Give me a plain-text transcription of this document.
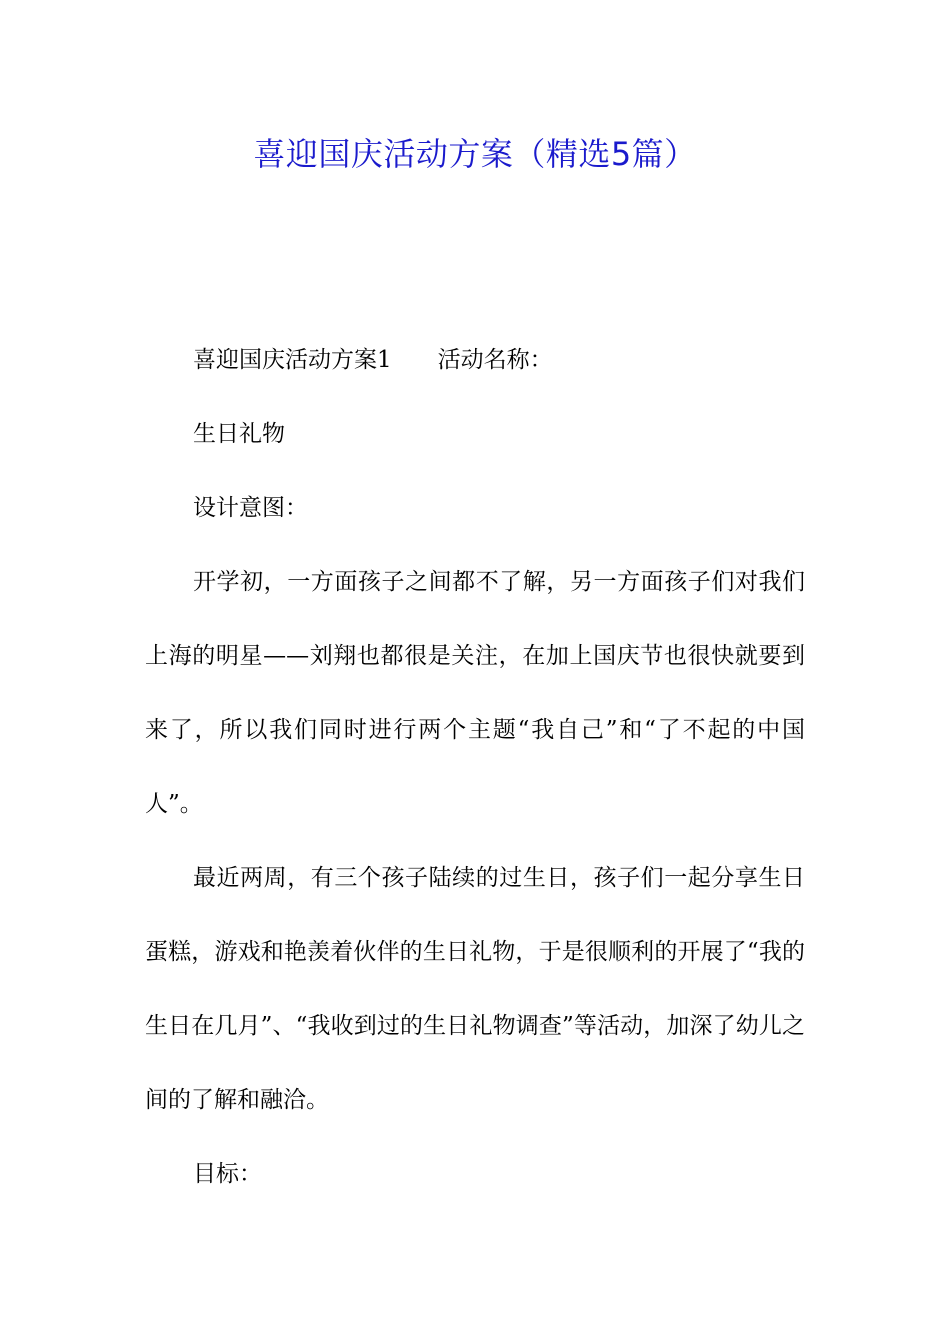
喜迎国庆活动方案（精选5篇）

喜迎国庆活动方案1 活动名称：

生日礼物

设计意图：

开学初，一方面孩子之间都不了解，另一方面孩子们对我们上海的明星——刘翔也都很是关注，在加上国庆节也很快就要到来了，所以我们同时进行两个主题“我自己”和“了不起的中国人”。

最近两周，有三个孩子陆续的过生日，孩子们一起分享生日蛋糕，游戏和艳羡着伙伴的生日礼物，于是很顺利的开展了“我的生日在几月”、“我收到过的生日礼物调查”等活动，加深了幼儿之间的了解和融洽。

目标：
